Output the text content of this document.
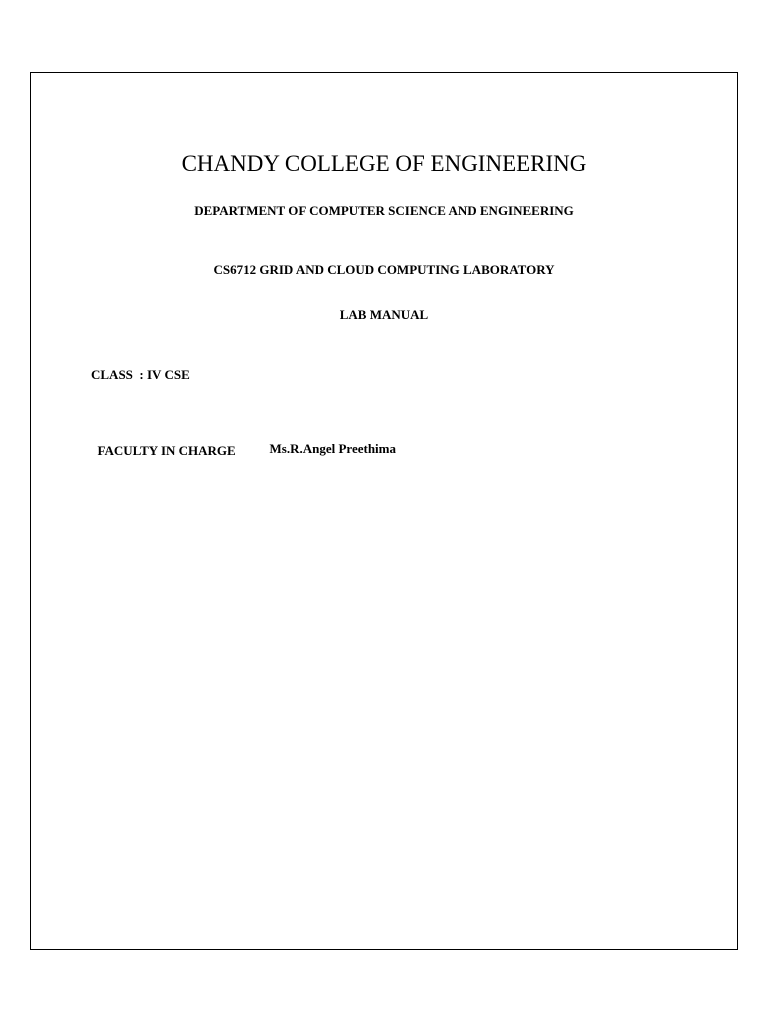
CHANDY COLLEGE OF ENGINEERING
DEPARTMENT OF COMPUTER SCIENCE AND ENGINEERING
CS6712 GRID AND CLOUD COMPUTING LABORATORY
LAB MANUAL
CLASS  : IV CSE

FACULTY IN CHARGE	Ms.R.Angel Preethima
